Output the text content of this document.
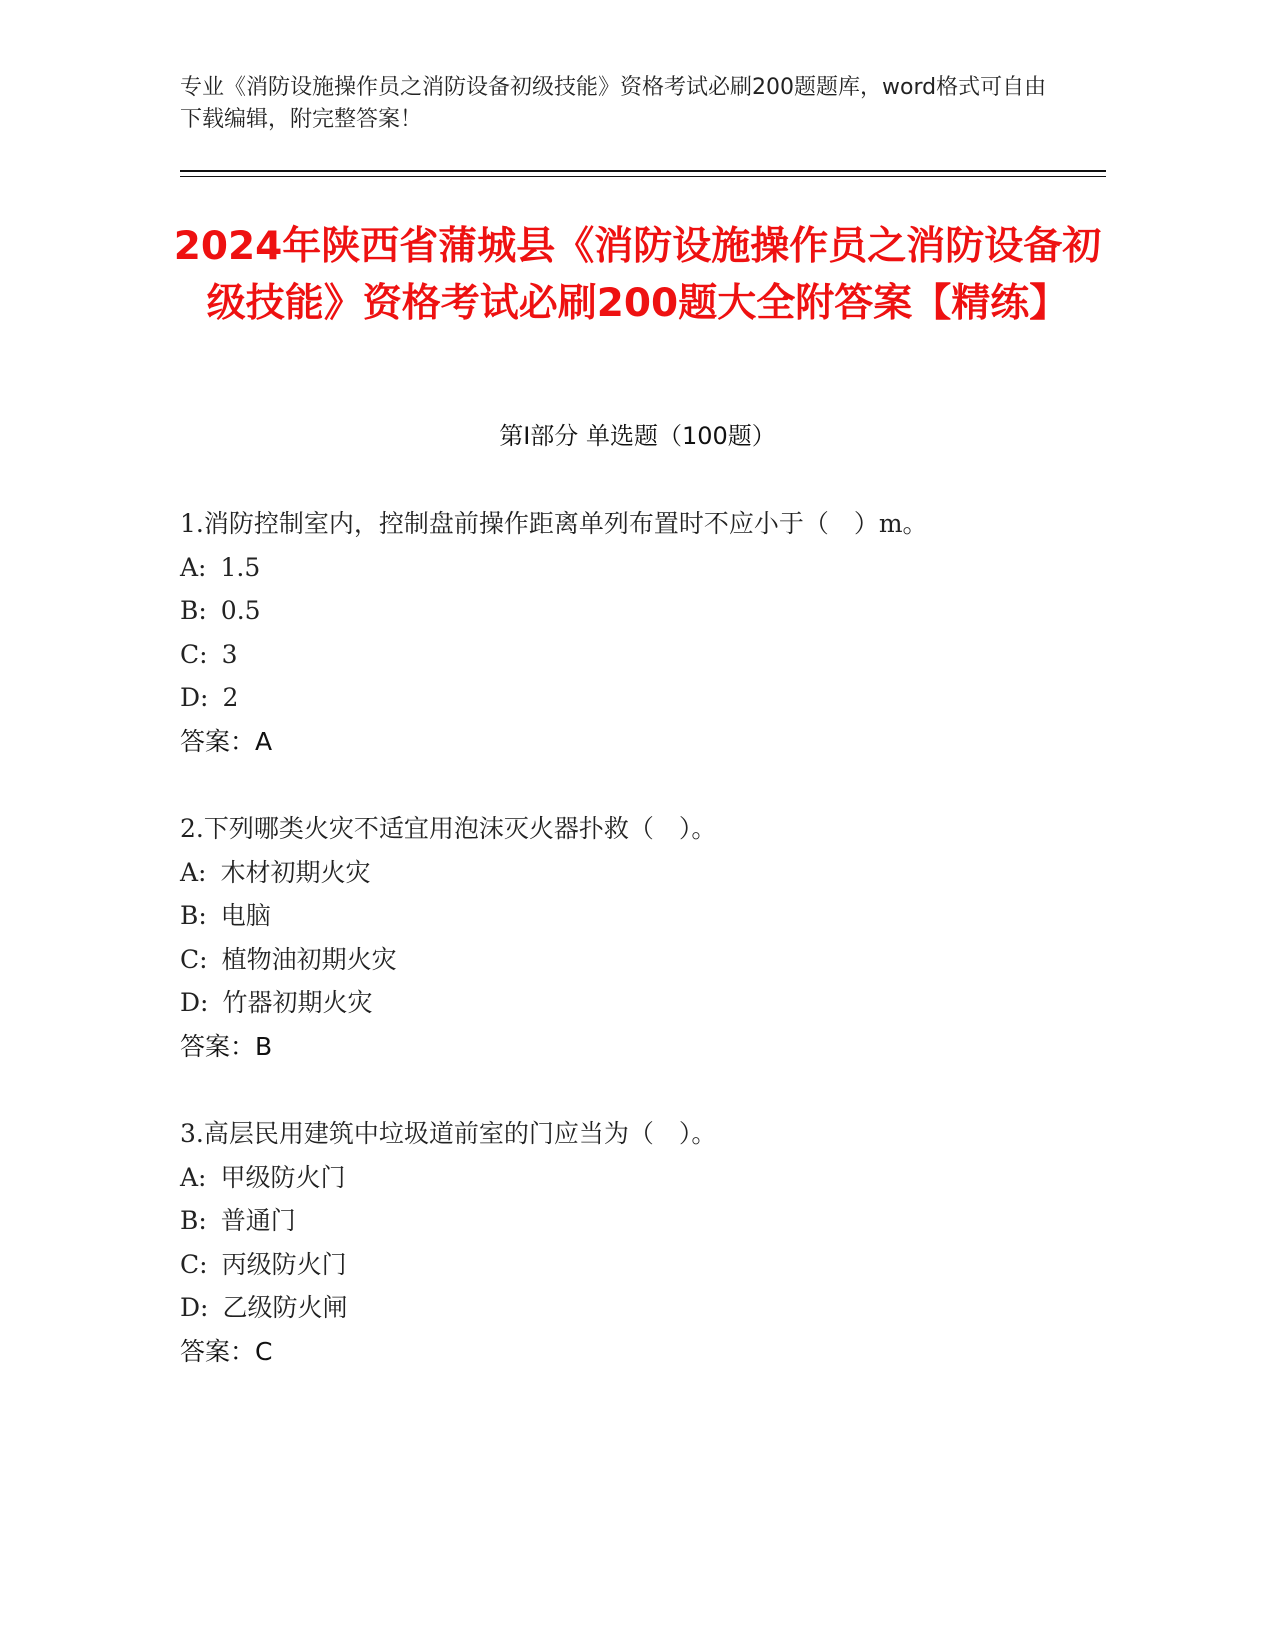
专业《消防设施操作员之消防设备初级技能》资格考试必刷200题题库，word格式可自由下载编辑，附完整答案！
2024年陕西省蒲城县《消防设施操作员之消防设备初级技能》资格考试必刷200题大全附答案【精练】
第Ⅰ部分 单选题（100题）
1.消防控制室内，控制盘前操作距离单列布置时不应小于（　）m。
A: 1.5
B: 0.5
C: 3
D: 2
答案：A
2.下列哪类火灾不适宜用泡沫灭火器扑救（　）。
A: 木材初期火灾
B: 电脑
C: 植物油初期火灾
D: 竹器初期火灾
答案：B
3.高层民用建筑中垃圾道前室的门应当为（　）。
A: 甲级防火门
B: 普通门
C: 丙级防火门
D: 乙级防火闸
答案：C
